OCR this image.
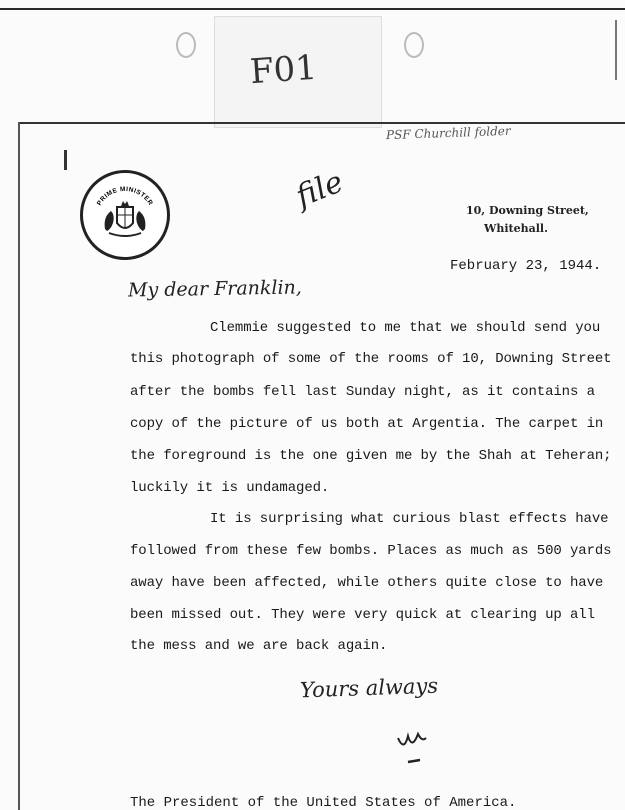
F01
PSF Churchill folder
file
PRIME MINISTER
10, Downing Street,
Whitehall.
February 23, 1944.
My dear Franklin,
Clemmie suggested to me that we should send you
this photograph of some of the rooms of 10, Downing Street
after the bombs fell last Sunday night, as it contains a
copy of the picture of us both at Argentia. The carpet in
the foreground is the one given me by the Shah at Teheran;
luckily it is undamaged.
It is surprising what curious blast effects have
followed from these few bombs. Places as much as 500 yards
away have been affected, while others quite close to have
been missed out. They were very quick at clearing up all
the mess and we are back again.
Yours always
The President of the United States of America.
